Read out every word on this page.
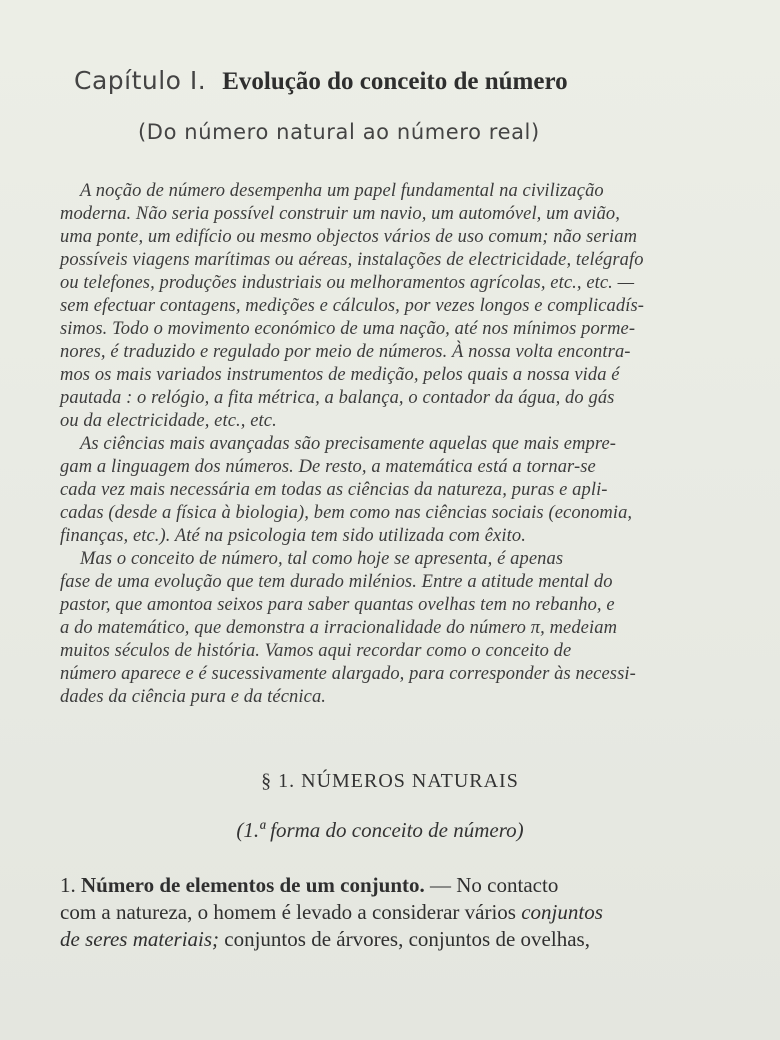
Capítulo I. Evolução do conceito de número
(Do número natural ao número real)
A noção de número desempenha um papel fundamental na civilização
moderna. Não seria possível construir um navio, um automóvel, um avião,
uma ponte, um edifício ou mesmo objectos vários de uso comum; não seriam
possíveis viagens marítimas ou aéreas, instalações de electricidade, telégrafo
ou telefones, produções industriais ou melhoramentos agrícolas, etc., etc. —
sem efectuar contagens, medições e cálculos, por vezes longos e complicadís-
simos. Todo o movimento económico de uma nação, até nos mínimos porme-
nores, é traduzido e regulado por meio de números. À nossa volta encontra-
mos os mais variados instrumentos de medição, pelos quais a nossa vida é
pautada : o relógio, a fita métrica, a balança, o contador da água, do gás
ou da electricidade, etc., etc.
As ciências mais avançadas são precisamente aquelas que mais empre-
gam a linguagem dos números. De resto, a matemática está a tornar-se
cada vez mais necessária em todas as ciências da natureza, puras e apli-
cadas (desde a física à biologia), bem como nas ciências sociais (economia,
finanças, etc.). Até na psicologia tem sido utilizada com êxito.
Mas o conceito de número, tal como hoje se apresenta, é apenas
fase de uma evolução que tem durado milénios. Entre a atitude mental do
pastor, que amontoa seixos para saber quantas ovelhas tem no rebanho, e
a do matemático, que demonstra a irracionalidade do número π, medeiam
muitos séculos de história. Vamos aqui recordar como o conceito de
número aparece e é sucessivamente alargado, para corresponder às necessi-
dades da ciência pura e da técnica.
§ 1. NÚMEROS NATURAIS
(1.ª forma do conceito de número)
1. Número de elementos de um conjunto. — No contacto
com a natureza, o homem é levado a considerar vários conjuntos
de seres materiais; conjuntos de árvores, conjuntos de ovelhas,
